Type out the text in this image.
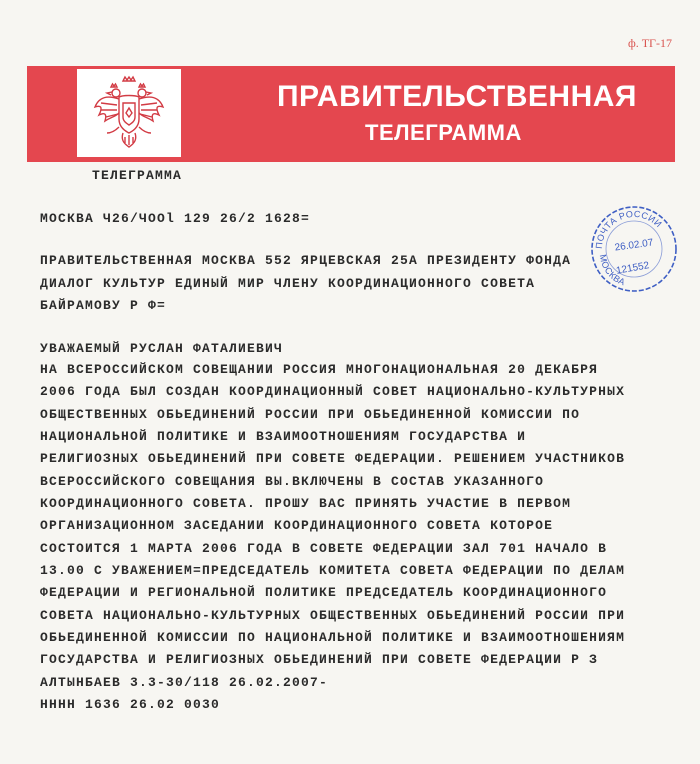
ф. ТГ-17
ПРАВИТЕЛЬСТВЕННАЯ
ТЕЛЕГРАММА
ТЕЛЕГРАММА
МОСКВА Ч26/ЧООl 129 26/2 1628=
ПРАВИТЕЛЬСТВЕННАЯ МОСКВА 552 ЯРЦЕВСКАЯ 25А ПРЕЗИДЕНТУ ФОНДА
ДИАЛОГ КУЛЬТУР ЕДИНЫЙ МИР ЧЛЕНУ КООРДИНАЦИОННОГО СОВЕТА
БАЙРАМОВУ Р Ф=
УВАЖАЕМЫЙ РУСЛАН ФАТАЛИЕВИЧ
НА ВСЕРОССИЙСКОМ СОВЕЩАНИИ РОССИЯ МНОГОНАЦИОНАЛЬНАЯ 20 ДЕКАБРЯ
2006 ГОДА БЫЛ СОЗДАН КООРДИНАЦИОННЫЙ СОВЕТ НАЦИОНАЛЬНО-КУЛЬТУРНЫХ
ОБЩЕСТВЕННЫХ ОБЬЕДИНЕНИЙ РОССИИ ПРИ ОБЬЕДИНЕННОЙ КОМИССИИ ПО
НАЦИОНАЛЬНОЙ ПОЛИТИКЕ И ВЗАИМООТНОШЕНИЯМ ГОСУДАРСТВА И
РЕЛИГИОЗНЫХ ОБЬЕДИНЕНИЙ ПРИ СОВЕТЕ ФЕДЕРАЦИИ. РЕШЕНИЕМ УЧАСТНИКОВ
ВСЕРОССИЙСКОГО СОВЕЩАНИЯ ВЫ.ВКЛЮЧЕНЫ В СОСТАВ УКАЗАННОГО
КООРДИНАЦИОННОГО СОВЕТА. ПРОШУ ВАС ПРИНЯТЬ УЧАСТИЕ В ПЕРВОМ
ОРГАНИЗАЦИОННОМ ЗАСЕДАНИИ КООРДИНАЦИОННОГО СОВЕТА КОТОРОЕ
СОСТОИТСЯ 1 МАРТА 2006 ГОДА В СОВЕТЕ ФЕДЕРАЦИИ ЗАЛ 701 НАЧАЛО В
13.00 С УВАЖЕНИЕМ=ПРЕДСЕДАТЕЛЬ КОМИТЕТА СОВЕТА ФЕДЕРАЦИИ ПО ДЕЛАМ
ФЕДЕРАЦИИ И РЕГИОНАЛЬНОЙ ПОЛИТИКЕ ПРЕДСЕДАТЕЛЬ КООРДИНАЦИОННОГО
СОВЕТА НАЦИОНАЛЬНО-КУЛЬТУРНЫХ ОБЩЕСТВЕННЫХ ОБЬЕДИНЕНИЙ РОССИИ ПРИ
ОБЬЕДИНЕННОЙ КОМИССИИ ПО НАЦИОНАЛЬНОЙ ПОЛИТИКЕ И ВЗАИМООТНОШЕНИЯМ
ГОСУДАРСТВА И РЕЛИГИОЗНЫХ ОБЬЕДИНЕНИЙ ПРИ СОВЕТЕ ФЕДЕРАЦИИ Р З
АЛТЫНБАЕВ 3.3-30/118 26.02.2007-
НННН 1636 26.02 0030
ПОЧТА РОССИИ
МОСКВА
26.02.07
121552
